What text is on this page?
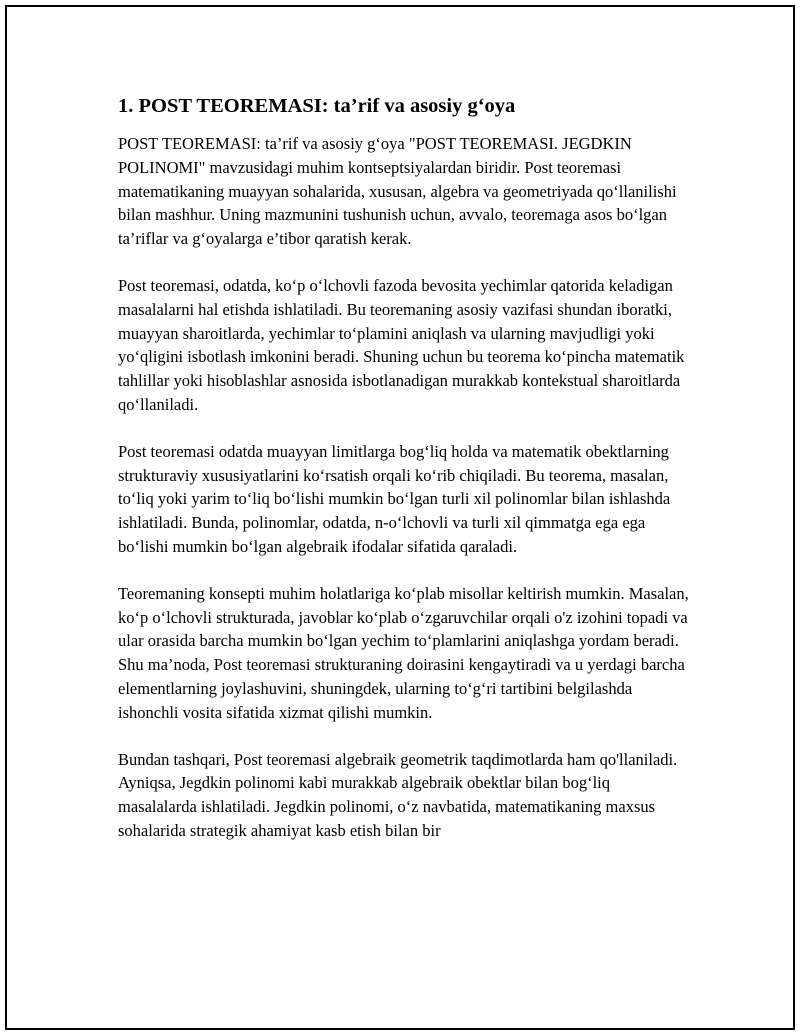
1. POST TEOREMASI: ta’rif va asosiy g‘oya

POST TEOREMASI: ta’rif va asosiy g‘oya "POST TEOREMASI. JEGDKIN POLINOMI" mavzusidagi muhim kontseptsiyalardan biridir. Post teoremasi matematikaning muayyan sohalarida, xususan, algebra va geometriyada qo‘llanilishi bilan mashhur. Uning mazmunini tushunish uchun, avvalo, teoremaga asos bo‘lgan ta’riflar va g‘oyalarga e’tibor qaratish kerak.

Post teoremasi, odatda, ko‘p o‘lchovli fazoda bevosita yechimlar qatorida keladigan masalalarni hal etishda ishlatiladi. Bu teoremaning asosiy vazifasi shundan iboratki, muayyan sharoitlarda, yechimlar to‘plamini aniqlash va ularning mavjudligi yoki yo‘qligini isbotlash imkonini beradi. Shuning uchun bu teorema ko‘pincha matematik tahlillar yoki hisoblashlar asnosida isbotlanadigan murakkab kontekstual sharoitlarda qo‘llaniladi.

Post teoremasi odatda muayyan limitlarga bog‘liq holda va matematik obektlarning strukturaviy xususiyatlarini ko‘rsatish orqali ko‘rib chiqiladi. Bu teorema, masalan, to‘liq yoki yarim to‘liq bo‘lishi mumkin bo‘lgan turli xil polinomlar bilan ishlashda ishlatiladi. Bunda, polinomlar, odatda, n-o‘lchovli va turli xil qimmatga ega ega bo‘lishi mumkin bo‘lgan algebraik ifodalar sifatida qaraladi.

Teoremaning konsepti muhim holatlariga ko‘plab misollar keltirish mumkin. Masalan, ko‘p o‘lchovli strukturada, javoblar ko‘plab o‘zgaruvchilar orqali o'z izohini topadi va ular orasida barcha mumkin bo‘lgan yechim to‘plamlarini aniqlashga yordam beradi. Shu ma’noda, Post teoremasi strukturaning doirasini kengaytiradi va u yerdagi barcha elementlarning joylashuvini, shuningdek, ularning to‘g‘ri tartibini belgilashda ishonchli vosita sifatida xizmat qilishi mumkin.

Bundan tashqari, Post teoremasi algebraik geometrik taqdimotlarda ham qo'llaniladi. Ayniqsa, Jegdkin polinomi kabi murakkab algebraik obektlar bilan bog‘liq masalalarda ishlatiladi. Jegdkin polinomi, o‘z navbatida, matematikaning maxsus sohalarida strategik ahamiyat kasb etish bilan bir
